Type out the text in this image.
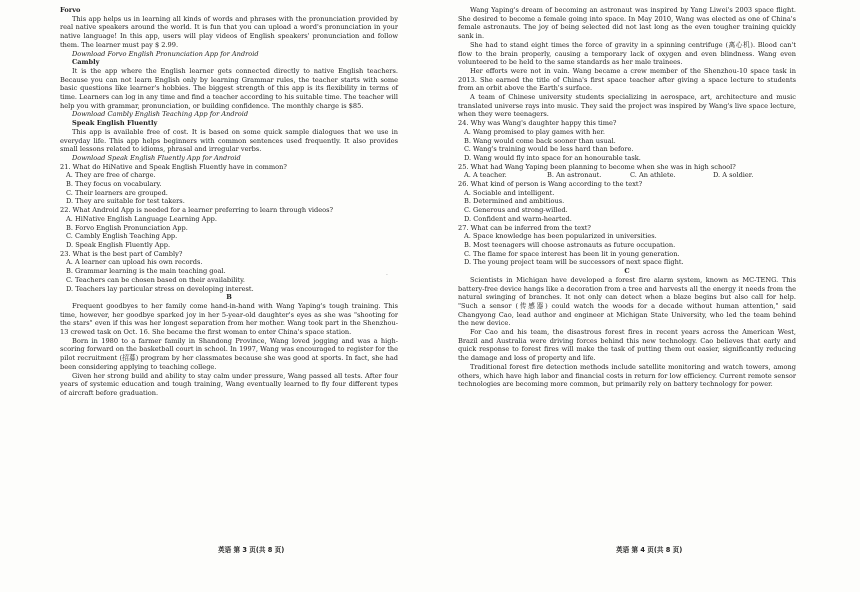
Forvo

This app helps us in learning all kinds of words and phrases with the pronunciation provided by real native speakers around the world. It is fun that you can upload a word's pronunciation in your native language! In this app, users will play videos of English speakers' pronunciation and follow them. The learner must pay $ 2.99.

Download Forvo English Pronunciation App for Android

Cambly

It is the app where the English learner gets connected directly to native English teachers. Because you can not learn English only by learning Grammar rules, the teacher starts with some basic questions like learner's hobbies. The biggest strength of this app is its flexibility in terms of time. Learners can log in any time and find a teacher according to his suitable time. The teacher will help you with grammar, pronunciation, or building confidence. The monthly charge is $85.

Download Cambly English Teaching App for Android

Speak English Fluently

This app is available free of cost. It is based on some quick sample dialogues that we use in everyday life. This app helps beginners with common sentences used frequently. It also provides small lessons related to idioms, phrasal and irregular verbs.

Download Speak English Fluently App for Android

21. What do HiNative and Speak English Fluently have in common?

A. They are free of charge.

B. They focus on vocabulary.

C. Their learners are grouped.

D. They are suitable for test takers.

22. What Android App is needed for a learner preferring to learn through videos?

A. HiNative English Language Learning App.

B. Forvo English Pronunciation App.

C. Cambly English Teaching App.

D. Speak English Fluently App.

23. What is the best part of Cambly?

A. A learner can upload his own records.

B. Grammar learning is the main teaching goal.

C. Teachers can be chosen based on their availability.

D. Teachers lay particular stress on developing interest.

B

Frequent goodbyes to her family come hand-in-hand with Wang Yaping's tough training. This time, however, her goodbye sparked joy in her 5-year-old daughter's eyes as she was "shooting for the stars" even if this was her longest separation from her mother. Wang took part in the Shenzhou-13 crewed task on Oct. 16. She became the first woman to enter China's space station.

Born in 1980 to a farmer family in Shandong Province, Wang loved jogging and was a high-scoring forward on the basketball court in school. In 1997, Wang was encouraged to register for the pilot recruitment (招募) program by her classmates because she was good at sports. In fact, she had been considering applying to teaching college.

Given her strong build and ability to stay calm under pressure, Wang passed all tests. After four years of systemic education and tough training, Wang eventually learned to fly four different types of aircraft before graduation.

·

Wang Yaping's dream of becoming an astronaut was inspired by Yang Liwei's 2003 space flight. She desired to become a female going into space. In May 2010, Wang was elected as one of China's female astronauts. The joy of being selected did not last long as the even tougher training quickly sank in.

She had to stand eight times the force of gravity in a spinning centrifuge (离心机). Blood can't flow to the brain properly, causing a temporary lack of oxygen and even blindness. Wang even volunteered to be held to the same standards as her male trainees.

Her efforts were not in vain. Wang became a crew member of the Shenzhou-10 space task in 2013. She earned the title of China's first space teacher after giving a space lecture to students from an orbit above the Earth's surface.

A team of Chinese university students specializing in aerospace, art, architecture and music translated universe rays into music. They said the project was inspired by Wang's live space lecture, when they were teenagers.

24. Why was Wang's daughter happy this time?

A. Wang promised to play games with her.

B. Wang would come back sooner than usual.

C. Wang's training would be less hard than before.

D. Wang would fly into space for an honourable task.

25. What had Wang Yaping been planning to become when she was in high school?

A. A teacher.	B. An astronaut.	C. An athlete.	D. A soldier.

26. What kind of person is Wang according to the text?

A. Sociable and intelligent.

B. Determined and ambitious.

C. Generous and strong-willed.

D. Confident and warm-hearted.

27. What can be inferred from the text?

A. Space knowledge has been popularized in universities.

B. Most teenagers will choose astronauts as future occupation.

C. The flame for space interest has been lit in young generation.

D. The young project team will be successors of next space flight.

C

Scientists in Michigan have developed a forest fire alarm system, known as MC-TENG. This battery-free device hangs like a decoration from a tree and harvests all the energy it needs from the natural swinging of branches. It not only can detect when a blaze begins but also call for help. "Such a sensor (传感器) could watch the woods for a decade without human attention," said Changyong Cao, lead author and engineer at Michigan State University, who led the team behind the new device.

For Cao and his team, the disastrous forest fires in recent years across the American West, Brazil and Australia were driving forces behind this new technology. Cao believes that early and quick response to forest fires will make the task of putting them out easier, significantly reducing the damage and loss of property and life.

Traditional forest fire detection methods include satellite monitoring and watch towers, among others, which have high labor and financial costs in return for low efficiency. Current remote sensor technologies are becoming more common, but primarily rely on battery technology for power.

英语 第 3 页(共 8 页)	英语 第 4 页(共 8 页)
